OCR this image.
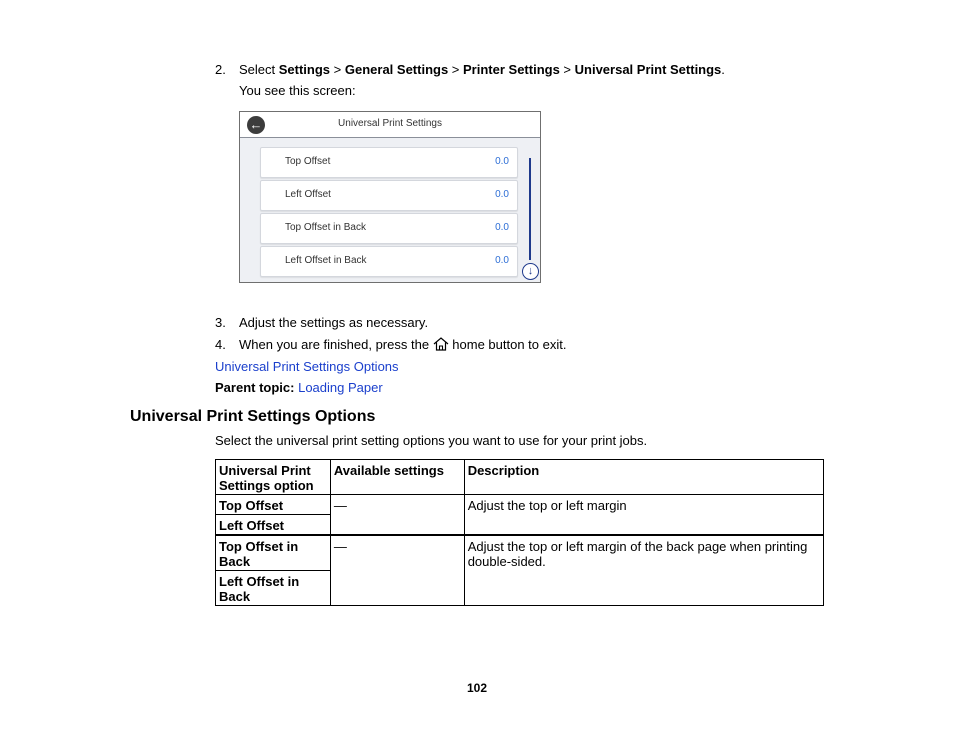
2. Select Settings > General Settings > Printer Settings > Universal Print Settings.
You see this screen:
←	Universal Print Settings
Top Offset	0.0
Left Offset	0.0
Top Offset in Back	0.0
Left Offset in Back	0.0
↓
3. Adjust the settings as necessary.
4. When you are finished, press the  home button to exit.
Universal Print Settings Options
Parent topic: Loading Paper
Universal Print Settings Options
Select the universal print setting options you want to use for your print jobs.
Universal Print Settings option	Available settings	Description
Top Offset	—	Adjust the top or left margin
Left Offset		
Top Offset in Back	—	Adjust the top or left margin of the back page when printing double-sided.
Left Offset in Back		
102
